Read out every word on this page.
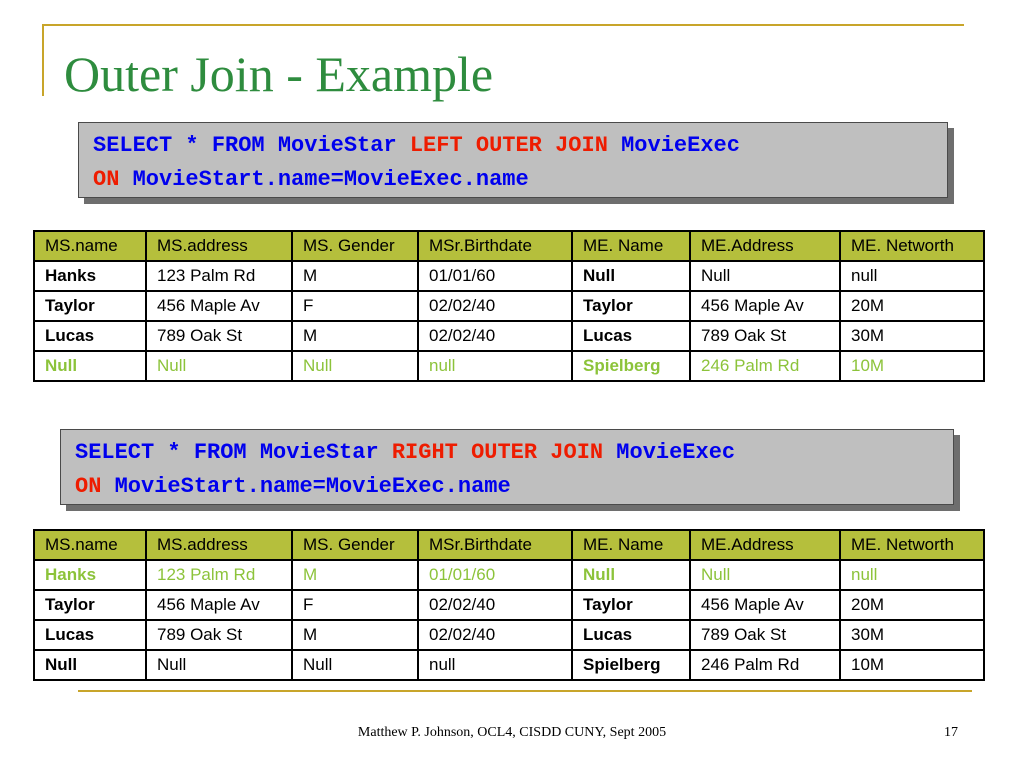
Outer Join - Example
SELECT * FROM MovieStar LEFT OUTER JOIN MovieExec
ON MovieStart.name=MovieExec.name
MS.name	MS.address	MS. Gender	MSr.Birthdate	ME. Name	ME.Address	ME. Networth
Hanks	123 Palm Rd	M	01/01/60	Null	Null	null
Taylor	456 Maple Av	F	02/02/40	Taylor	456 Maple Av	20M
Lucas	789 Oak St	M	02/02/40	Lucas	789 Oak St	30M
Null	Null	Null	null	Spielberg	246 Palm Rd	10M
SELECT * FROM MovieStar RIGHT OUTER JOIN MovieExec
ON MovieStart.name=MovieExec.name
MS.name	MS.address	MS. Gender	MSr.Birthdate	ME. Name	ME.Address	ME. Networth
Hanks	123 Palm Rd	M	01/01/60	Null	Null	null
Taylor	456 Maple Av	F	02/02/40	Taylor	456 Maple Av	20M
Lucas	789 Oak St	M	02/02/40	Lucas	789 Oak St	30M
Null	Null	Null	null	Spielberg	246 Palm Rd	10M
Matthew P. Johnson, OCL4, CISDD CUNY, Sept 2005	17
